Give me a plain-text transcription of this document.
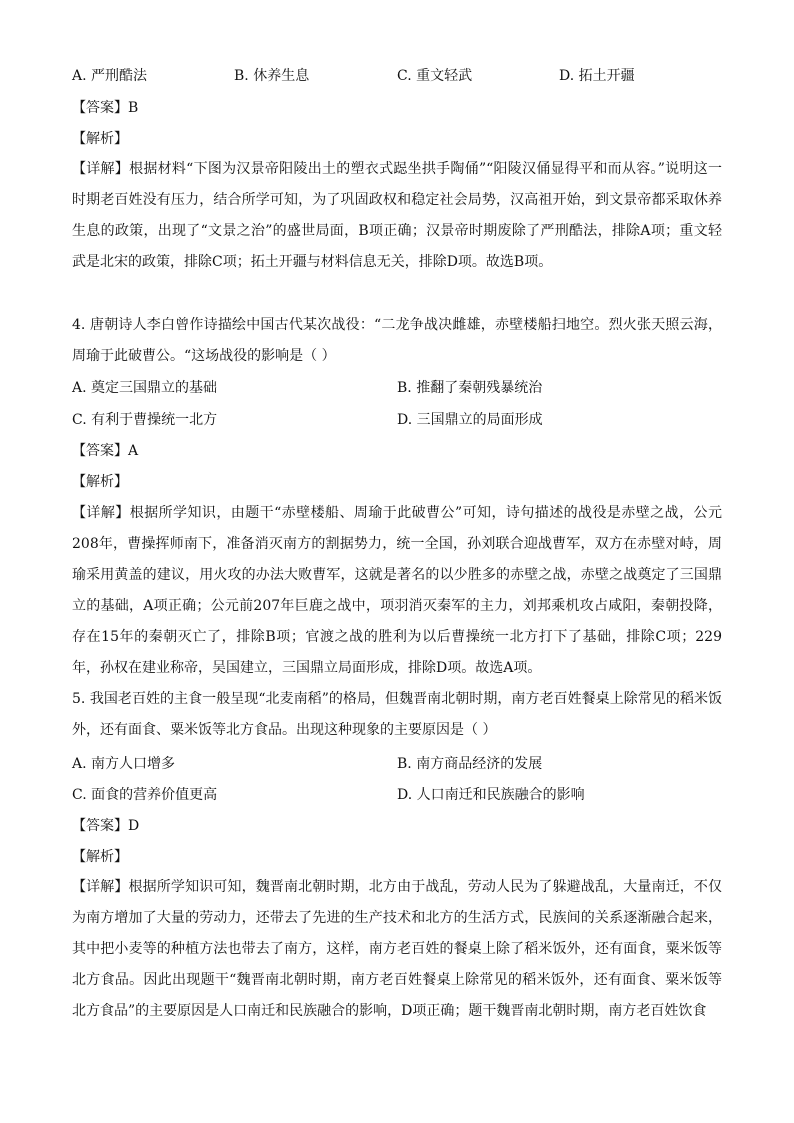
A. 严刑酷法	B. 休养生息	C. 重文轻武	D. 拓土开疆
【答案】B
【解析】
【详解】根据材料“下图为汉景帝阳陵出土的塑衣式跽坐拱手陶俑”“阳陵汉俑显得平和而从容。”说明这一时期老百姓没有压力，结合所学可知，为了巩固政权和稳定社会局势，汉高祖开始，到文景帝都采取休养生息的政策，出现了“文景之治”的盛世局面，B项正确；汉景帝时期废除了严刑酷法，排除A项；重文轻武是北宋的政策，排除C项；拓土开疆与材料信息无关，排除D项。故选B项。
4. 唐朝诗人李白曾作诗描绘中国古代某次战役：“二龙争战决雌雄，赤壁楼船扫地空。烈火张天照云海，周瑜于此破曹公。“这场战役的影响是（ ）
A. 奠定三国鼎立的基础	B. 推翻了秦朝残暴统治
C. 有利于曹操统一北方	D. 三国鼎立的局面形成
【答案】A
【解析】
【详解】根据所学知识，由题干“赤壁楼船、周瑜于此破曹公”可知，诗句描述的战役是赤壁之战，公元208年，曹操挥师南下，准备消灭南方的割据势力，统一全国，孙刘联合迎战曹军，双方在赤壁对峙，周瑜采用黄盖的建议，用火攻的办法大败曹军，这就是著名的以少胜多的赤壁之战，赤壁之战奠定了三国鼎立的基础，A项正确；公元前207年巨鹿之战中，项羽消灭秦军的主力，刘邦乘机攻占咸阳，秦朝投降，存在15年的秦朝灭亡了，排除B项；官渡之战的胜利为以后曹操统一北方打下了基础，排除C项；229年，孙权在建业称帝，吴国建立，三国鼎立局面形成，排除D项。故选A项。
5. 我国老百姓的主食一般呈现“北麦南稻”的格局，但魏晋南北朝时期，南方老百姓餐桌上除常见的稻米饭外，还有面食、粟米饭等北方食品。出现这种现象的主要原因是（ ）
A. 南方人口增多	B. 南方商品经济的发展
C. 面食的营养价值更高	D. 人口南迁和民族融合的影响
【答案】D
【解析】
【详解】根据所学知识可知，魏晋南北朝时期，北方由于战乱，劳动人民为了躲避战乱，大量南迁，不仅为南方增加了大量的劳动力，还带去了先进的生产技术和北方的生活方式，民族间的关系逐渐融合起来，其中把小麦等的种植方法也带去了南方，这样，南方老百姓的餐桌上除了稻米饭外，还有面食，粟米饭等北方食品。因此出现题干“魏晋南北朝时期，南方老百姓餐桌上除常见的稻米饭外，还有面食、粟米饭等北方食品”的主要原因是人口南迁和民族融合的影响，D项正确；题干魏晋南北朝时期，南方老百姓饮食
